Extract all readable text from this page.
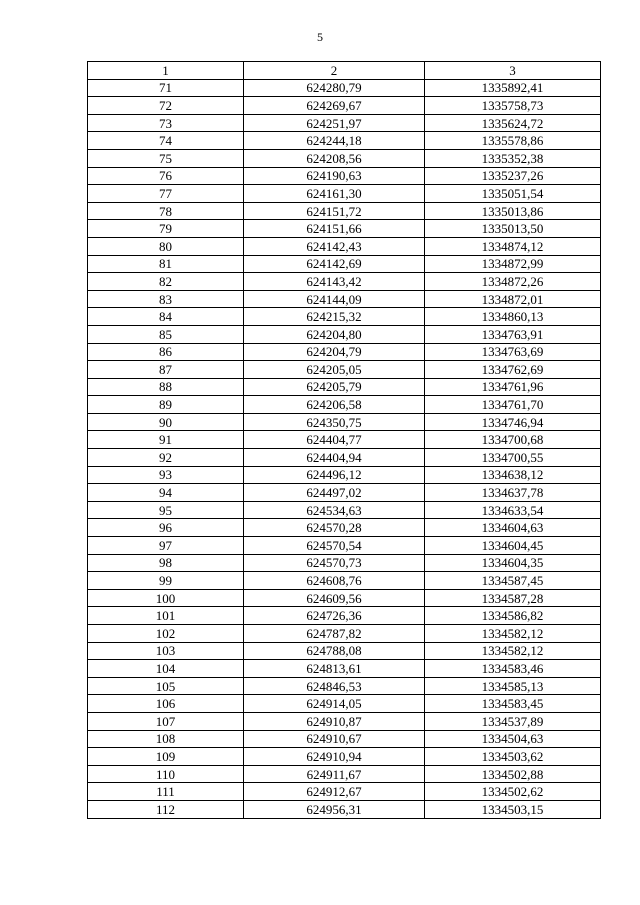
5
1	2	3
71	624280,79	1335892,41
72	624269,67	1335758,73
73	624251,97	1335624,72
74	624244,18	1335578,86
75	624208,56	1335352,38
76	624190,63	1335237,26
77	624161,30	1335051,54
78	624151,72	1335013,86
79	624151,66	1335013,50
80	624142,43	1334874,12
81	624142,69	1334872,99
82	624143,42	1334872,26
83	624144,09	1334872,01
84	624215,32	1334860,13
85	624204,80	1334763,91
86	624204,79	1334763,69
87	624205,05	1334762,69
88	624205,79	1334761,96
89	624206,58	1334761,70
90	624350,75	1334746,94
91	624404,77	1334700,68
92	624404,94	1334700,55
93	624496,12	1334638,12
94	624497,02	1334637,78
95	624534,63	1334633,54
96	624570,28	1334604,63
97	624570,54	1334604,45
98	624570,73	1334604,35
99	624608,76	1334587,45
100	624609,56	1334587,28
101	624726,36	1334586,82
102	624787,82	1334582,12
103	624788,08	1334582,12
104	624813,61	1334583,46
105	624846,53	1334585,13
106	624914,05	1334583,45
107	624910,87	1334537,89
108	624910,67	1334504,63
109	624910,94	1334503,62
110	624911,67	1334502,88
111	624912,67	1334502,62
112	624956,31	1334503,15
